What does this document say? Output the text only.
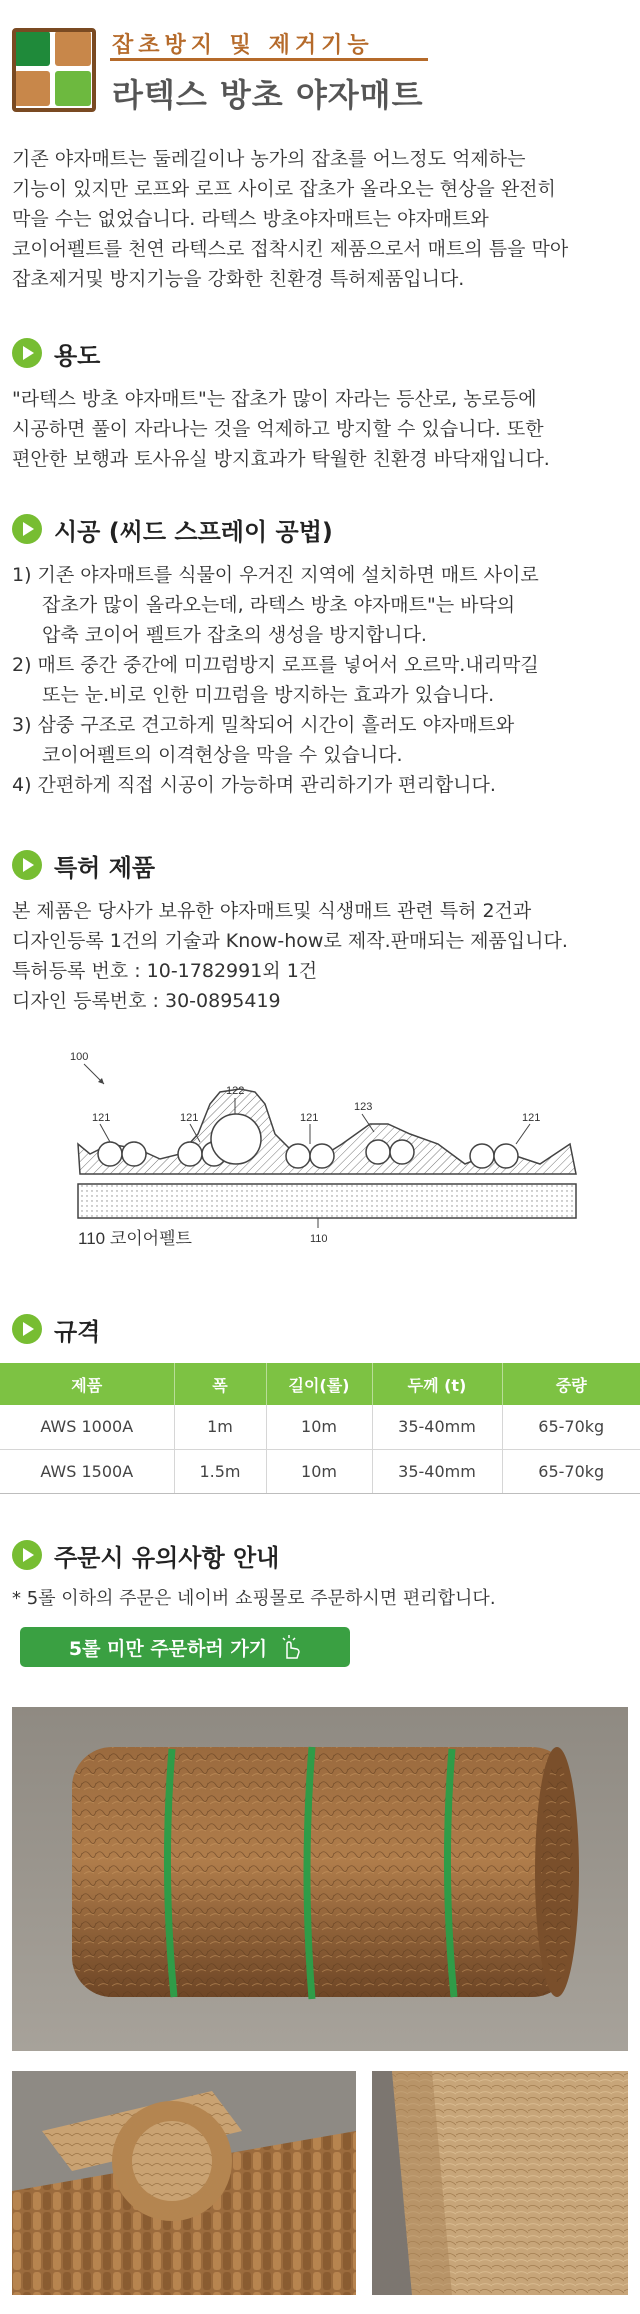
잡초방지 및 제거기능
라텍스 방초 야자매트

기존 야자매트는 둘레길이나 농가의 잡초를 어느정도 억제하는

기능이 있지만 로프와 로프 사이로 잡초가 올라오는 현상을 완전히

막을 수는 없었습니다. 라텍스 방초야자매트는 야자매트와

코이어펠트를 천연 라텍스로 접착시킨 제품으로서 매트의 틈을 막아

잡초제거및 방지기능을 강화한 친환경 특허제품입니다.

용도

"라텍스 방초 야자매트"는 잡초가 많이 자라는 등산로, 농로등에

시공하면 풀이 자라나는 것을 억제하고 방지할 수 있습니다. 또한

편안한 보행과 토사유실 방지효과가 탁월한 친환경 바닥재입니다.

시공 (씨드 스프레이 공법)

1) 기존 야자매트를 식물이 우거진 지역에 설치하면 매트 사이로

잡초가 많이 올라오는데, 라텍스 방초 야자매트"는 바닥의

압축 코이어 펠트가 잡초의 생성을 방지합니다.

2) 매트 중간 중간에 미끄럼방지 로프를 넣어서 오르막.내리막길

또는 눈.비로 인한 미끄럼을 방지하는 효과가 있습니다.

3) 삼중 구조로 견고하게 밀착되어 시간이 흘러도 야자매트와

코이어펠트의 이격현상을 막을 수 있습니다.

4) 간편하게 직접 시공이 가능하며 관리하기가 편리합니다.

특허 제품

본 제품은 당사가 보유한 야자매트및 식생매트 관련 특허 2건과

디자인등록 1건의 기술과 Know-how로 제작.판매되는 제품입니다.

특허등록 번호 : 10-1782991외 1건

디자인 등록번호 : 30-0895419

100
121	121
122
121
123
121
110
110 코이어펠트
규격
제품	폭	길이(롤)	두께 (t)	중량
AWS 1000A	1m	10m	35-40mm	65-70kg
AWS 1500A	1.5m	10m	35-40mm	65-70kg
주문시 유의사항 안내

* 5롤 이하의 주문은 네이버 쇼핑몰로 주문하시면 편리합니다.

5롤 미만 주문하러 가기
